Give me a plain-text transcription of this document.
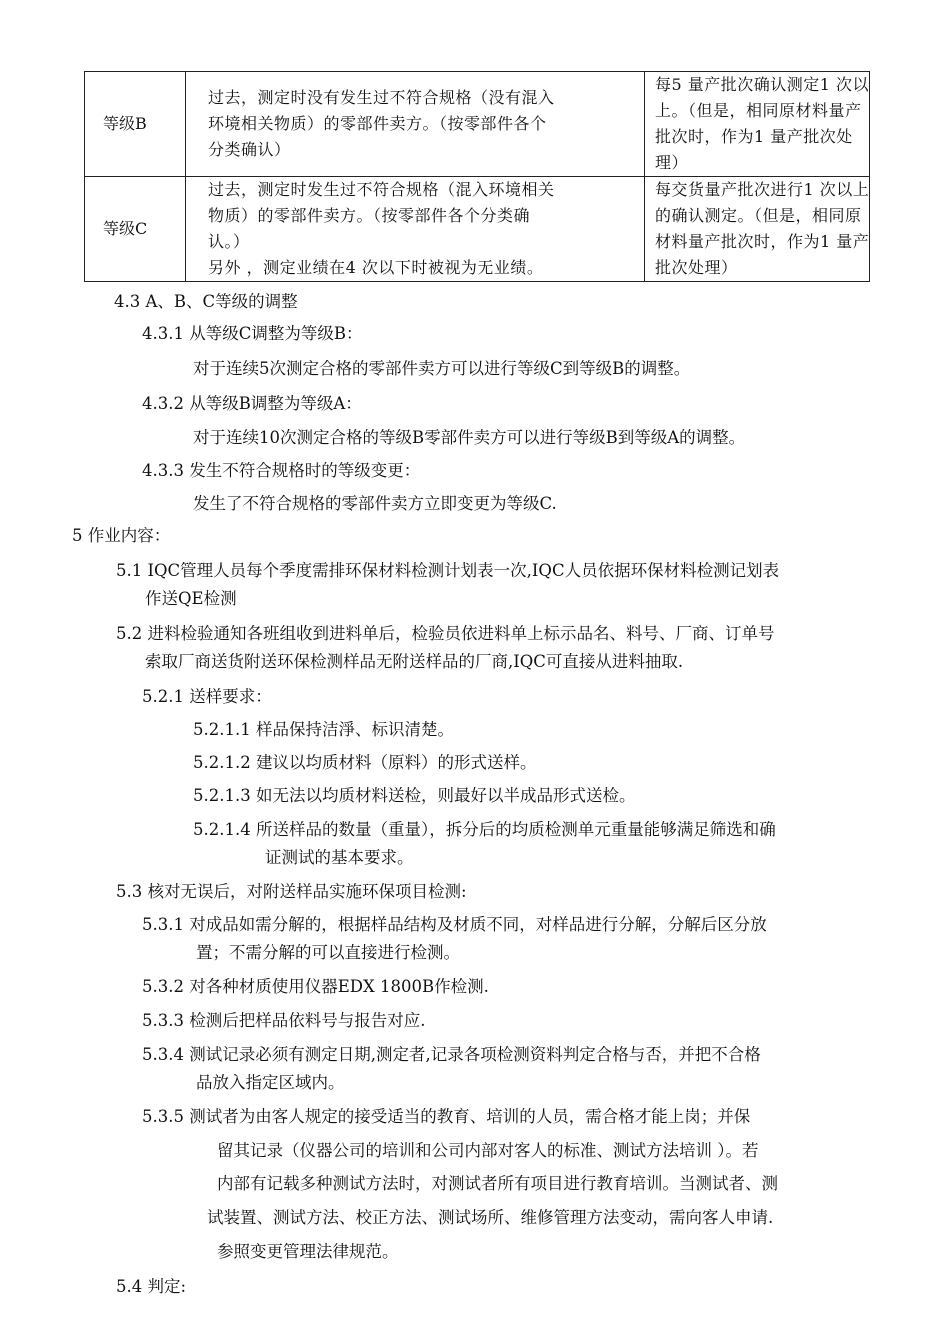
等级B	过去，测定时没有发生过不符合规格（没有混入
环境相关物质）的零部件卖方。（按零部件各个
分类确认）	每5 量产批次确认测定1 次以
上。（但是，相同原材料量产
批次时，作为1 量产批次处
理）

等级C	过去，测定时发生过不符合规格（混入环境相关
物质）的零部件卖方。（按零部件各个分类确
认。）
另外 ，测定业绩在4 次以下时被视为无业绩。	每交货量产批次进行1 次以上
的确认测定。（但是，相同原
材料量产批次时，作为1 量产
批次处理）
4.3 A、B、C等级的调整
4.3.1 从等级C调整为等级B：
对于连续5次测定合格的零部件卖方可以进行等级C到等级B的调整。
4.3.2 从等级B调整为等级A：
对于连续10次测定合格的等级B零部件卖方可以进行等级B到等级A的调整。
4.3.3 发生不符合规格时的等级变更：
发生了不符合规格的零部件卖方立即变更为等级C.
5 作业内容：
5.1 IQC管理人员每个季度需排环保材料检测计划表一次,IQC人员依据环保材料检测记划表
作送QE检测
5.2 进料检验通知各班组收到进料单后，检验员依进料单上标示品名、料号、厂商、订单号
索取厂商送货附送环保检测样品无附送样品的厂商,IQC可直接从进料抽取.
5.2.1 送样要求：
5.2.1.1 样品保持洁淨、标识清楚。
5.2.1.2 建议以均质材料（原料）的形式送样。
5.2.1.3 如无法以均质材料送检，则最好以半成品形式送检。
5.2.1.4 所送样品的数量（重量），拆分后的均质检测单元重量能够满足筛选和确
证测试的基本要求。
5.3 核对无误后，对附送样品实施环保项目检测:
5.3.1 对成品如需分解的，根据样品结构及材质不同，对样品进行分解，分解后区分放
置；不需分解的可以直接进行检测。
5.3.2 对各种材质使用仪器EDX 1800B作检测.
5.3.3 检测后把样品依料号与报告对应.
5.3.4 测试记录必须有测定日期,测定者,记录各项检测资料判定合格与否，并把不合格
品放入指定区域内。
5.3.5 测试者为由客人规定的接受适当的教育、培训的人员，需合格才能上岗；并保
留其记录（仪器公司的培训和公司内部对客人的标准、测试方法培训 ）。若
内部有记载多种测试方法时，对测试者所有项目进行教育培训。当测试者、测
试装置、测试方法、校正方法、测试场所、维修管理方法变动，需向客人申请.
参照变更管理法律规范。
5.4 判定:
